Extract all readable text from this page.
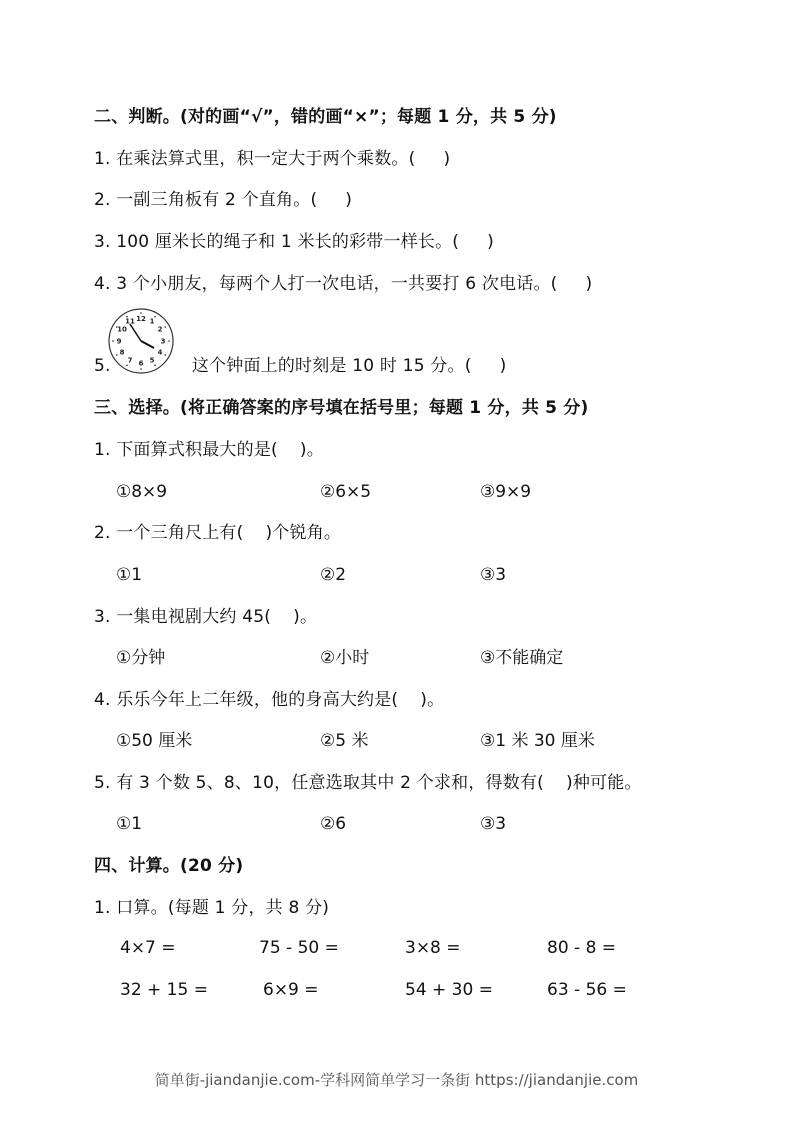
二、判断。(对的画“√”，错的画“×”；每题 1 分，共 5 分)
1. 在乘法算式里，积一定大于两个乘数。( )
2. 一副三角板有 2 个直角。( )
3. 100 厘米长的绳子和 1 米长的彩带一样长。( )
4. 3 个小朋友，每两个人打一次电话，一共要打 6 次电话。( )
5.	这个钟面上的时刻是 10 时 15 分。( )
12 1
2
3
4
5
6
7
8
9
10
11
三、选择。(将正确答案的序号填在括号里；每题 1 分，共 5 分)
1. 下面算式积最大的是( )。
①8×9	②6×5	③9×9
2. 一个三角尺上有( )个锐角。
①1	②2	③3
3. 一集电视剧大约 45( )。
①分钟	②小时	③不能确定
4. 乐乐今年上二年级，他的身高大约是( )。
①50 厘米	②5 米	③1 米 30 厘米
5. 有 3 个数 5、8、10，任意选取其中 2 个求和，得数有( )种可能。
①1	②6	③3
四、计算。(20 分)
1. 口算。(每题 1 分，共 8 分)
4×7 =	75 - 50 =	3×8 =	80 - 8 =
32 + 15 =	6×9 =	54 + 30 =	63 - 56 =
简单街-jiandanjie.com-学科网简单学习一条街 https://jiandanjie.com
